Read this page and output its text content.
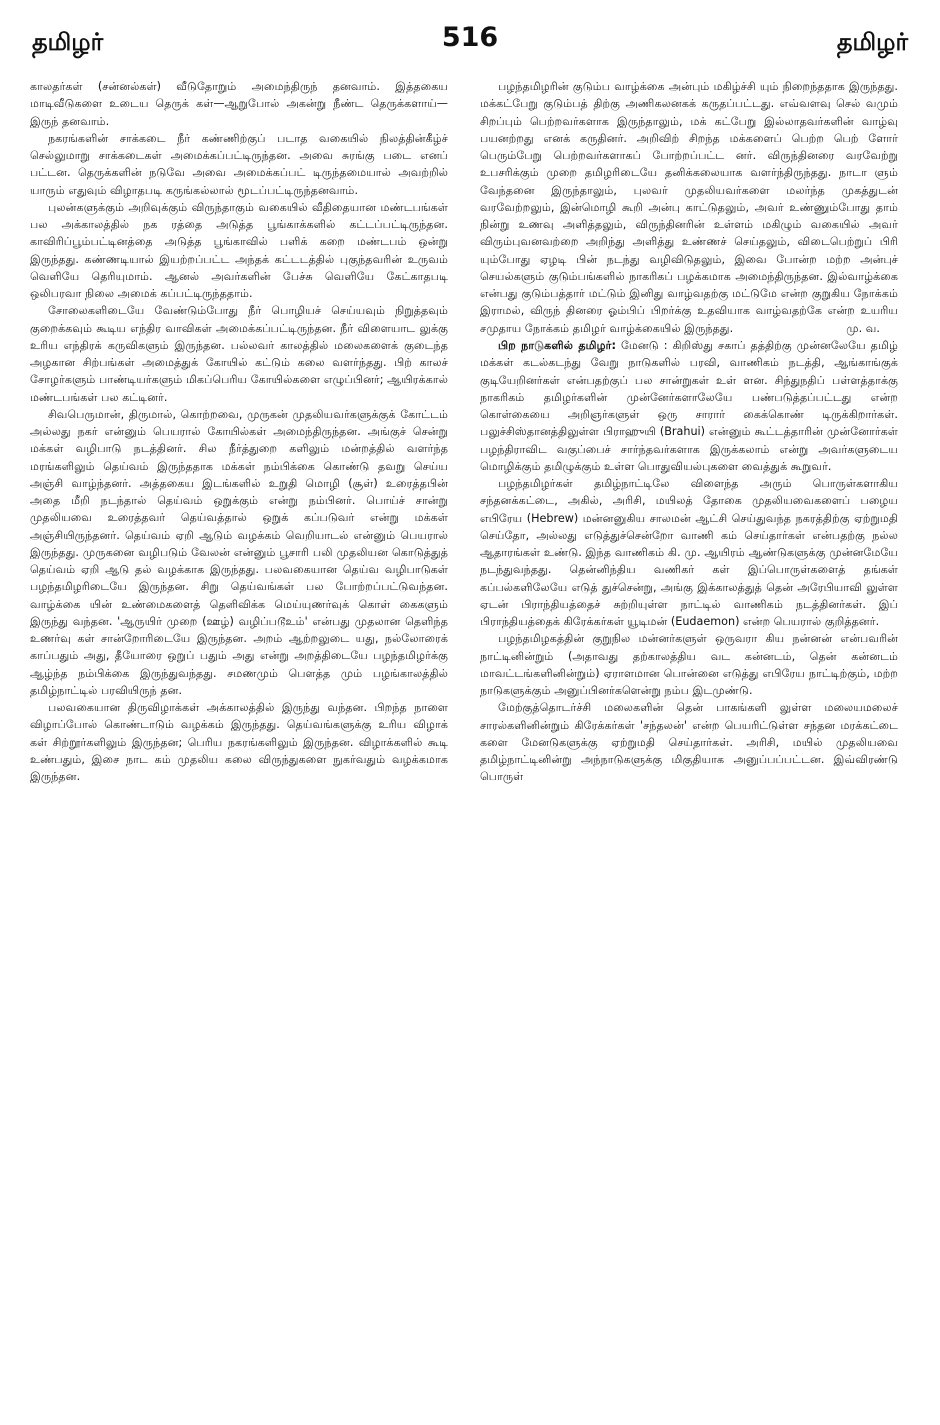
தமிழர்	516	தமிழர்

காலதர்கள் (சன்னல்கள்) வீடுதோறும் அமைந்திருந் தனவாம். இத்தகைய மாடிவீடுகளை உடைய தெருக் கள்—ஆறுபோல் அகன்று நீண்ட தெருக்களாய்—இருந் தனவாம்.

நகரங்களின் சாக்கடை நீர் கண்ணிற்குப் படாத வகையில் நிலத்தின்கீழ்ச் செல்லுமாறு சாக்கடைகள் அமைக்கப்பட்டிருந்தன. அவை சுரங்கு படை எனப் பட்டன. தெருக்களின் நடுவே அவை அமைக்கப்பட் டிருந்தமையால் அவற்றில் யாரும் எதுவும் விழாதபடி கருங்கல்லால் மூடப்பட்டிருந்தனவாம்.

புலன்களுக்கும் அறிவுக்கும் விருந்தாகும் வகையில் வீதிதையான மண்டபங்கள் பல அக்காலத்தில் நக ரத்தை அடுத்த பூங்காக்களில் கட்டப்பட்டிருந்தன. காவிரிப்பூம்பட்டினத்தை அடுத்த பூங்காவில் பளிக் கறை மண்டபம் ஒன்று இருந்தது. கண்ணடியால் இயற்றப்பட்ட அந்தக் கட்டடத்தில் புகுந்தவரின் உருவம் வெளியே தெரியுமாம். ஆனல் அவர்களின் பேச்சு வெளியே கேட்காதபடி ஒலிபரவா நிலை அமைக் கப்பட்டிருந்ததாம்.

சோலைகளிடையே வேண்டும்போது நீர் பொழியச் செய்யவும் நிறுத்தவும் குறைக்கவும் கூடிய எந்திர வாவிகள் அமைக்கப்பட்டிருந்தன. நீர் விளையாட லுக்கு உரிய எந்திரக் கருவிகளும் இருந்தன. பல்லவர் காலத்தில் மலைகளைக் குடைந்த அழகான சிற்பங்கள் அமைத்துக் கோயில் கட்டும் கலை வளர்ந்தது. பிற் காலச் சோழர்களும் பாண்டியர்களும் மிகப்பெரிய கோயில்களை எழுப்பினர்; ஆயிரக்கால் மண்டபங்கள் பல கட்டினர்.

சிவபெருமான், திருமால், கொற்றவை, முருகன் முதலியவர்களுக்குக் கோட்டம் அல்லது நகர் என்னும் பெயரால் கோயில்கள் அமைந்திருந்தன. அங்குச் சென்று மக்கள் வழிபாடு நடத்தினர். சில நீர்த்துறை களிலும் மன்றத்தில் வளர்ந்த மரங்களிலும் தெய்வம் இருந்ததாக மக்கள் நம்பிக்கை கொண்டு தவறு செய்ய அஞ்சி வாழ்ந்தனர். அத்தகைய இடங்களில் உறுதி மொழி (சூள்) உரைத்தபின் அதை மீறி நடந்தால் தெய்வம் ஒறுக்கும் என்று நம்பினர். பொய்ச் சான்று முதலியவை உரைத்தவர் தெய்வத்தால் ஒறுக் கப்படுவர் என்று மக்கள் அஞ்சியிருந்தனர். தெய்வம் ஏறி ஆடும் வழக்கம் வெறியாடல் என்னும் பெயரால் இருந்தது. முருகனை வழிபடும் வேலன் என்னும் பூசாரி பலி முதலியன கொடுத்துத் தெய்வம் ஏறி ஆடு தல் வழக்காக இருந்தது. பலவகையான தெய்வ வழிபாடுகள் பழந்தமிழரிடையே இருந்தன. சிறு தெய்வங்கள் பல போற்றப்பட்டுவந்தன. வாழ்க்கை யின் உண்மைகளைத் தெளிவிக்க மெய்யுணர்வுக் கொள் கைகளும் இருந்து வந்தன. 'ஆருயிர் முறை (ஊழ்) வழிப்படூஉம்' என்பது முதலான தெளிந்த உணர்வு கள் சான்றோரிடையே இருந்தன. அறம் ஆற்றலுடை யது, நல்லோரைக் காப்பதும் அது, தீயோரை ஒறுப் பதும் அது என்று அறத்திடையே பழந்தமிழர்க்கு ஆழ்ந்த நம்பிக்கை இருந்துவந்தது. சமணமும் பௌத்த மும் பழங்காலத்தில் தமிழ்நாட்டில் பரவியிருந் தன.

பலவகையான திருவிழாக்கள் அக்காலத்தில் இருந்து வந்தன. பிறந்த நாளை விழாப்போல் கொண்டாடும் வழக்கம் இருந்தது. தெய்வங்களுக்கு உரிய விழாக் கள் சிற்றூர்களிலும் இருந்தன; பெரிய நகரங்களிலும் இருந்தன. விழாக்களில் கூடி உண்பதும், இசை நாட கம் முதலிய கலை விருந்துகளை நுகர்வதும் வழக்கமாக இருந்தன.

பழந்தமிழரின் குடும்ப வாழ்க்கை அன்பும் மகிழ்ச்சி யும் நிறைந்ததாக இருந்தது. மக்கட்பேறு குடும்பத் திற்கு அணிகலனகக் கருதப்பட்டது. எவ்வளவு செல் வமும் சிறப்பும் பெற்றவர்களாக இருந்தாலும், மக் கட்பேறு இல்லாதவர்களின் வாழ்வு பயனற்றது எனக் கருதினர். அறிவிற் சிறந்த மக்களைப் பெற்ற பெற் ளோர் பெரும்பேறு பெற்றவர்களாகப் போற்றப்பட்ட னர். விருந்தினரை வரவேற்று உபசரிக்கும் முறை தமிழரிடையே தனிக்கலையாக வளர்ந்திருந்தது. நாடா ளும் வேந்தனை இருந்தாலும், புலவர் முதலியவர்களை மலர்ந்த முகத்துடன் வரவேற்றலும், இன்மொழி கூறி அன்பு காட்டுதலும், அவர் உண்ணும்போது தாம் நின்று உணவு அளித்தலும், விருந்தினரின் உள்ளம் மகிழும் வகையில் அவர் விரும்புவனவற்றை அறிந்து அளித்து உண்ணச் செய்தலும், விடைபெற்றுப் பிரி யும்போது ஏழடி பின் நடந்து வழிவிடுதலும், இவை போன்ற மற்ற அன்புச் செயல்களும் குடும்பங்களில் நாகரிகப் பழக்கமாக அமைந்திருந்தன. இல்வாழ்க்கை என்பது குடும்பத்தார் மட்டும் இனிது வாழ்வதற்கு மட்டுமே என்ற குறுகிய நோக்கம் இராமல், விருந் தினரை ஓம்பிப் பிறர்க்கு உதவியாக வாழ்வதற்கே என்ற உயரிய சமுதாய நோக்கம் தமிழர் வாழ்க்கையில் இருந்தது.	மு. வ.

பிற நாடுகளில் தமிழர்: மேனடு : கிறிஸ்து சகாப் தத்திற்கு முன்னலேயே தமிழ் மக்கள் கடல்கடந்து வேறு நாடுகளில் பரவி, வாணிகம் நடத்தி, ஆங்காங்குக் குடியேறினர்கள் என்பதற்குப் பல சான்றுகள் உள் ளன. சிந்துநதிப் பள்ளத்தாக்கு நாகரிகம் தமிழர்களின் முன்னேர்களாலேயே பண்படுத்தப்பட்டது என்ற கொள்கையை அறிஞர்களுள் ஒரு சாரார் கைக்கொண் டிருக்கிறார்கள். பலுச்சிஸ்தானத்திலுள்ள பிராஹுயி (Brahui) என்னும் கூட்டத்தாரின் முன்னோர்கள் பழந்திராவிட வகுப்பைச் சார்ந்தவர்களாக இருக்கலாம் என்று அவர்களுடைய மொழிக்கும் தமிழுக்கும் உள்ள பொதுவியல்புகளை வைத்துக் கூறுவர்.

பழந்தமிழர்கள் தமிழ்நாட்டிலே விளைந்த அரும் பொருள்களாகிய சந்தனக்கட்டை, அகில், அரிசி, மயிலத் தோகை முதலியவைகளைப் பழைய எபிரேய (Hebrew) மன்னனுகிய சாலமன் ஆட்சி செய்துவந்த நகரத்திற்கு ஏற்றுமதி செய்தோ, அல்லது எடுத்துச்சென்றோ வாணி கம் செய்தார்கள் என்பதற்கு நல்ல ஆதாரங்கள் உண்டு. இந்த வாணிகம் கி. மு. ஆயிரம் ஆண்டுகளுக்கு முன்னமேயே நடந்துவந்தது. தென்னிந்திய வணிகர் கள் இப்பொருள்களைத் தங்கள் கப்பல்களிலேயே எடுத் துச்சென்று, அங்கு இக்காலத்துத் தென் அரேபியாவி லுள்ள ஏடன் பிராந்தியத்தைச் சுற்றியுள்ள நாட்டில் வாணிகம் நடத்தினர்கள். இப் பிராந்தியத்தைக் கிரேக்கர்கள் யூடிமன் (Eudaemon) என்ற பெயரால் குறித்தனர்.

பழந்தமிழகத்தின் குறுநில மன்னர்களுள் ஒருவரா கிய நன்னன் என்பவரின் நாட்டினின்றும் (அதாவது தற்காலத்திய வட கன்னடம், தென் கன்னடம் மாவட்டங்களினின்றும்) ஏராளமான பொன்னை எடுத்து எபிரேய நாட்டிற்கும், மற்ற நாடுகளுக்கும் அனுப்பினர்களென்று நம்ப இடமுண்டு.

மேற்குத்தொடர்ச்சி மலைகளின் தென் பாகங்களி லுள்ள மலையமலைச் சாரல்களினின்றும் கிரேக்கர்கள் 'சந்தலன்' என்ற பெயரிட்டுள்ள சந்தன மரக்கட்டை களை மேனடுகளுக்கு ஏற்றுமதி செய்தார்கள். அரிசி, மயில் முதலியவை தமிழ்நாட்டினின்று அந்நாடுகளுக்கு மிகுதியாக அனுப்பப்பட்டன. இவ்விரண்டு பொருள்
